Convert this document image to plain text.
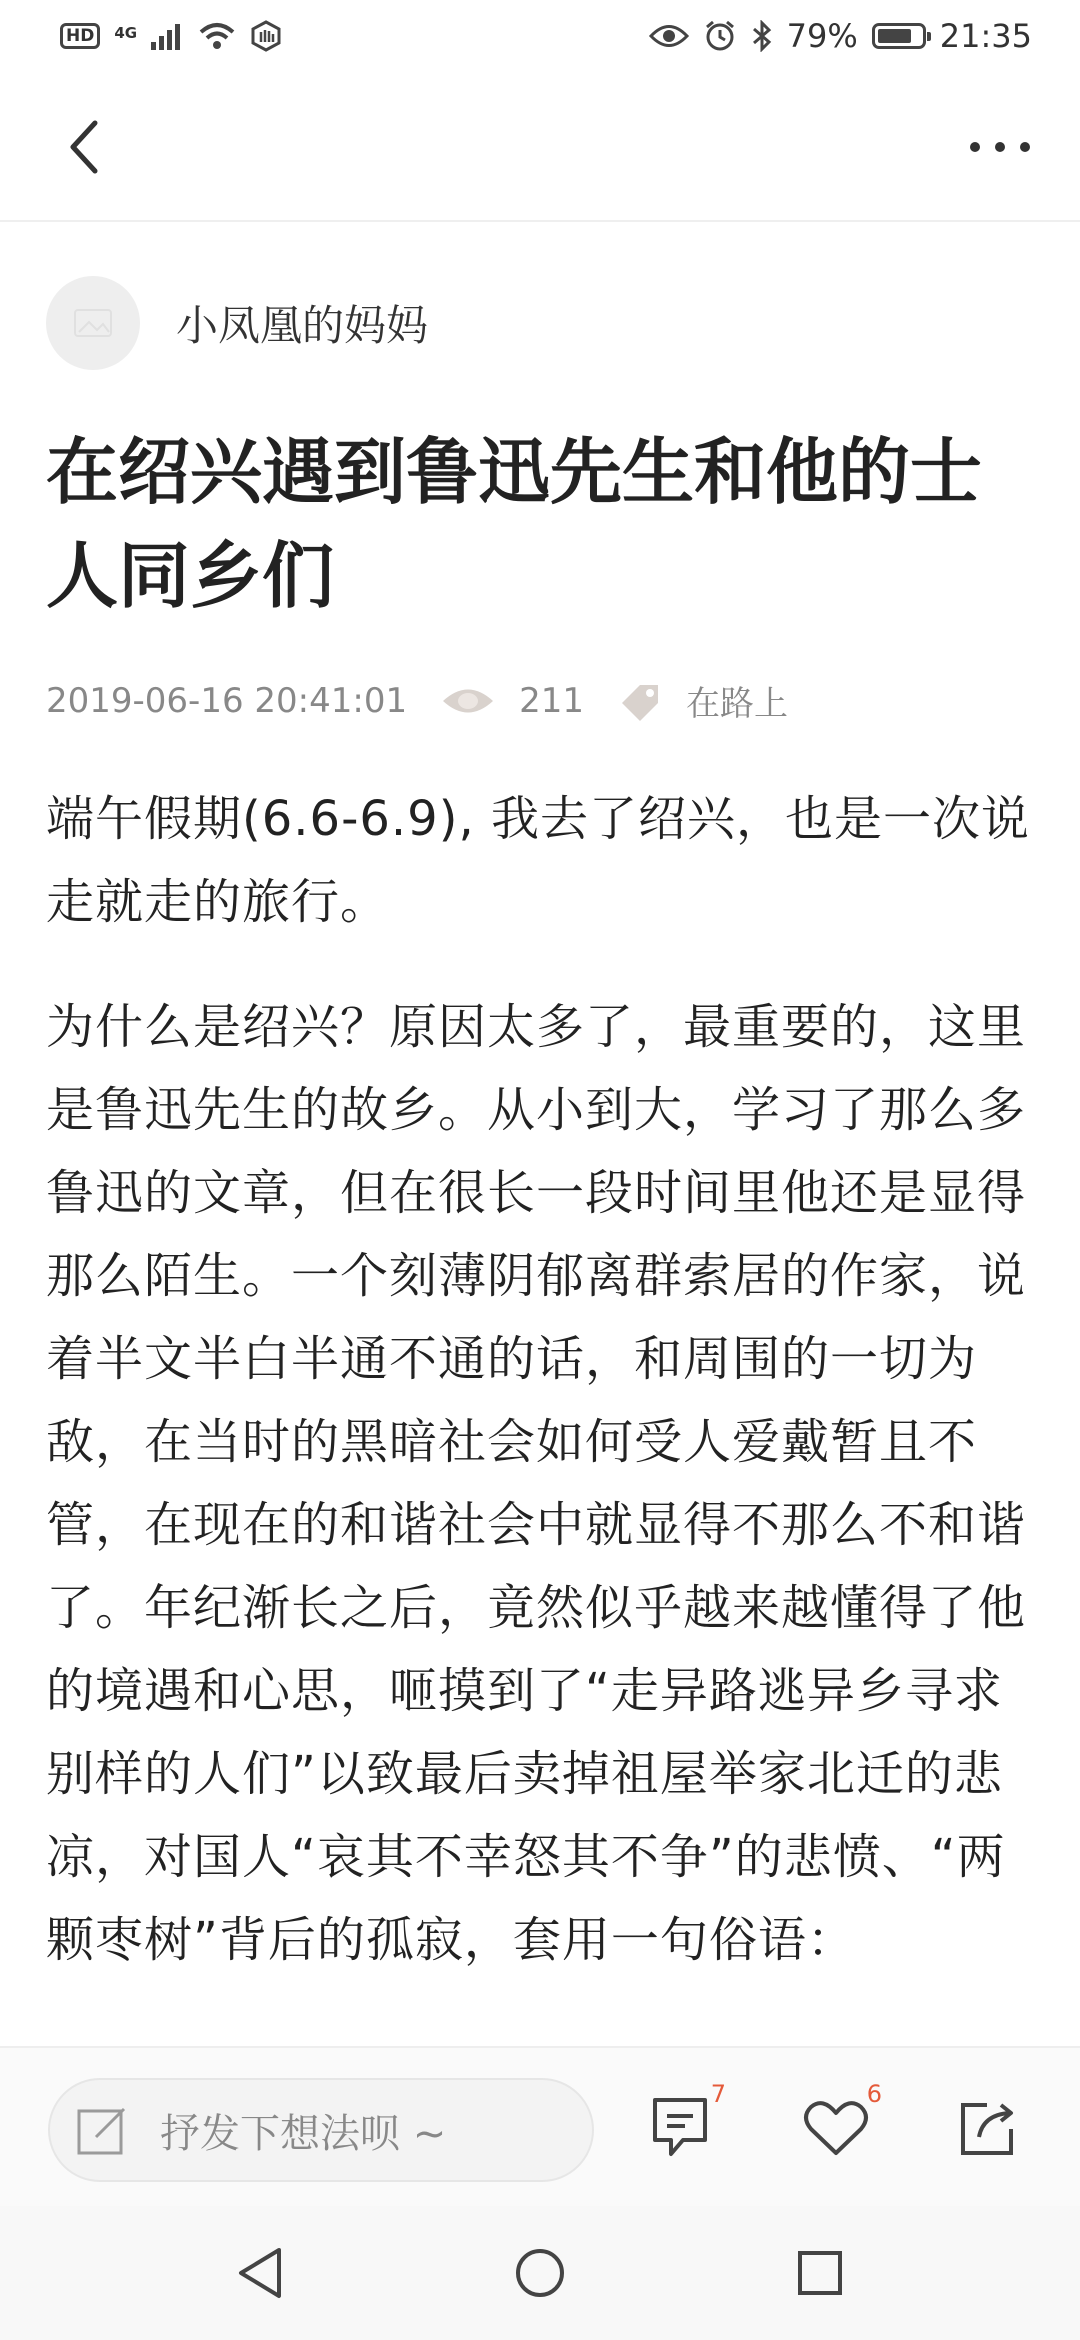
HD	4G	79%	21:35
小凤凰的妈妈
在绍兴遇到鲁迅先生和他的士人同乡们
2019-06-16 20:41:01	211	在路上

端午假期(6.6-6.9), 我去了绍兴，也是一次说走就走的旅行。

为什么是绍兴？原因太多了，最重要的，这里是鲁迅先生的故乡。从小到大，学习了那么多鲁迅的文章，但在很长一段时间里他还是显得那么陌生。一个刻薄阴郁离群索居的作家，说着半文半白半通不通的话，和周围的一切为敌，在当时的黑暗社会如何受人爱戴暂且不管，在现在的和谐社会中就显得不那么不和谐了。年纪渐长之后，竟然似乎越来越懂得了他的境遇和心思，咂摸到了“走异路逃异乡寻求别样的人们”以致最后卖掉祖屋举家北迁的悲凉，对国人“哀其不幸怒其不争”的悲愤、“两颗枣树”背后的孤寂，套用一句俗语：

抒发下想法呗 ~
7	6
